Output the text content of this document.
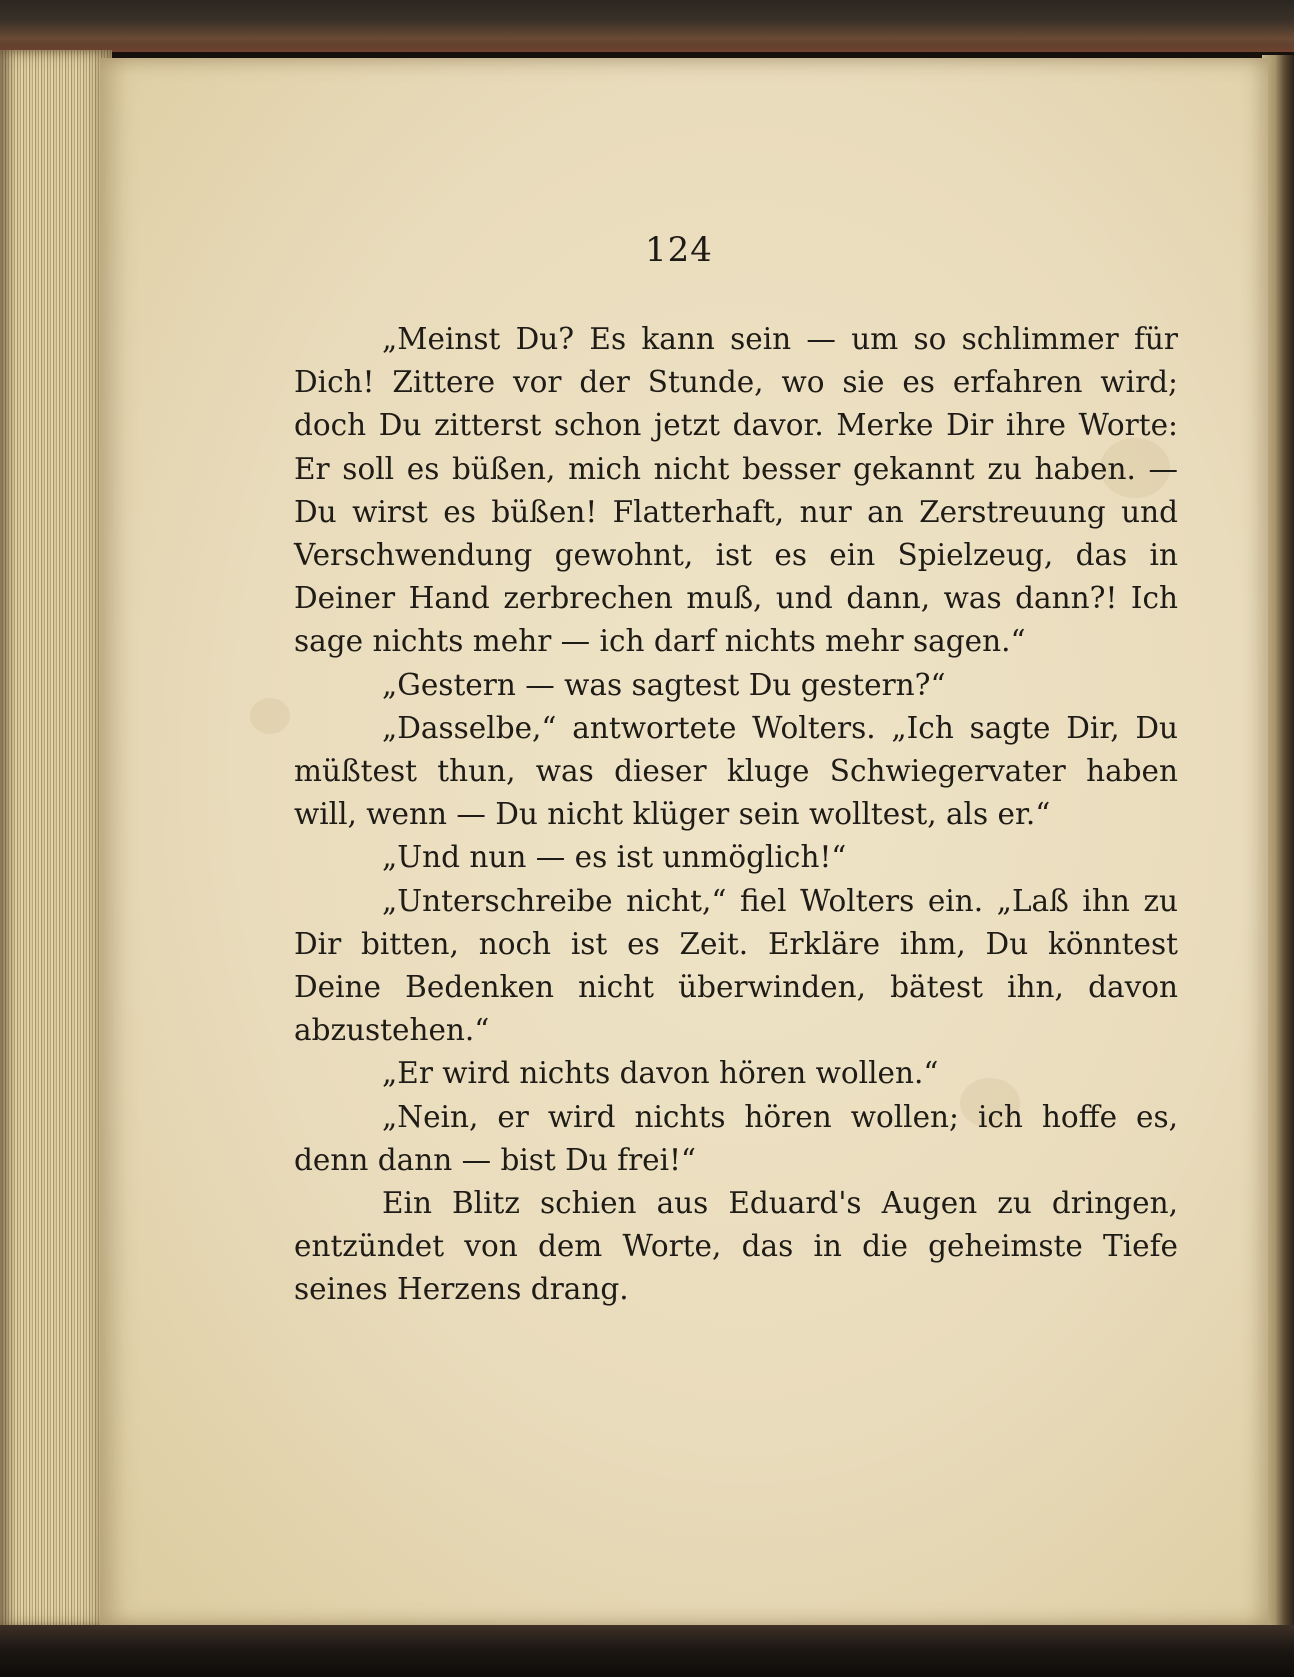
124

„Meinst Du? Es kann sein — um so schlimmer für Dich! Zittere vor der Stunde, wo sie es erfahren wird; doch Du zitterst schon jetzt davor. Merke Dir ihre Worte: Er soll es büßen, mich nicht besser gekannt zu haben. — Du wirst es büßen! Flatterhaft, nur an Zerstreuung und Verschwendung gewohnt, ist es ein Spielzeug, das in Deiner Hand zerbrechen muß, und dann, was dann?! Ich sage nichts mehr — ich darf nichts mehr sagen.“

„Gestern — was sagtest Du gestern?“

„Dasselbe,“ antwortete Wolters. „Ich sagte Dir, Du müßtest thun, was dieser kluge Schwiegervater haben will, wenn — Du nicht klüger sein wolltest, als er.“

„Und nun — es ist unmöglich!“

„Unterschreibe nicht,“ fiel Wolters ein. „Laß ihn zu Dir bitten, noch ist es Zeit. Erkläre ihm, Du könntest Deine Bedenken nicht überwinden, bätest ihn, davon abzustehen.“

„Er wird nichts davon hören wollen.“

„Nein, er wird nichts hören wollen; ich hoffe es, denn dann — bist Du frei!“

Ein Blitz schien aus Eduard's Augen zu dringen, entzündet von dem Worte, das in die geheimste Tiefe seines Herzens drang.
